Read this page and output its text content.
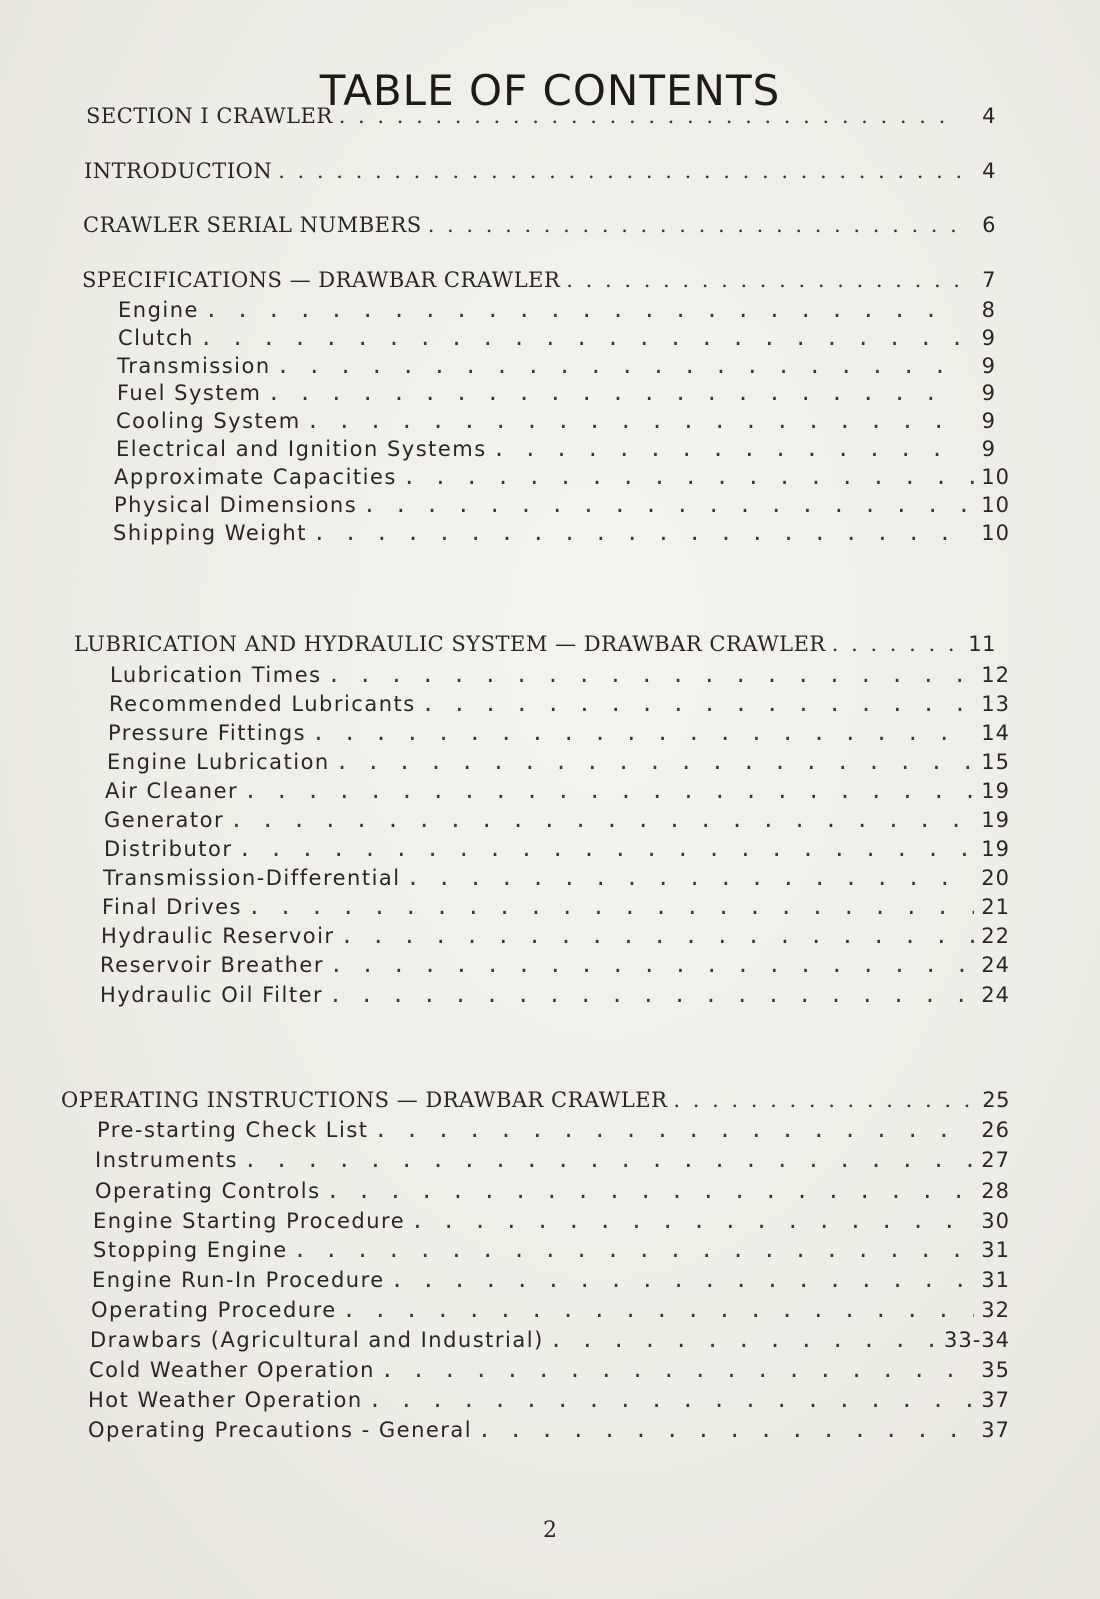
TABLE OF CONTENTS
SECTION I CRAWLER . . .	4
INTRODUCTION . . .	4
CRAWLER SERIAL NUMBERS . . .	6
SPECIFICATIONS — DRAWBAR CRAWLER . . .	7
Engine . . .	8
Clutch . . .	9
Transmission . . .	9
Fuel System . . .	9
Cooling System . . .	9
Electrical and Ignition Systems . . .	9
Approximate Capacities . . .	10
Physical Dimensions . . .	10
Shipping Weight . . .	10
LUBRICATION AND HYDRAULIC SYSTEM — DRAWBAR CRAWLER . . .	11
Lubrication Times . . .	12
Recommended Lubricants . . .	13
Pressure Fittings . . .	14
Engine Lubrication . . .	15
Air Cleaner . . .	19
Generator . . .	19
Distributor . . .	19
Transmission-Differential . . .	20
Final Drives . . .	21
Hydraulic Reservoir . . .	22
Reservoir Breather . . .	24
Hydraulic Oil Filter . . .	24
OPERATING INSTRUCTIONS — DRAWBAR CRAWLER . . .	25
Pre-starting Check List . . .	26
Instruments . . .	27
Operating Controls . . .	28
Engine Starting Procedure . . .	30
Stopping Engine . . .	31
Engine Run-In Procedure . . .	31
Operating Procedure . . .	32
Drawbars (Agricultural and Industrial) . . .	33-34
Cold Weather Operation . . .	35
Hot Weather Operation . . .	37
Operating Precautions - General . . .	37
2
